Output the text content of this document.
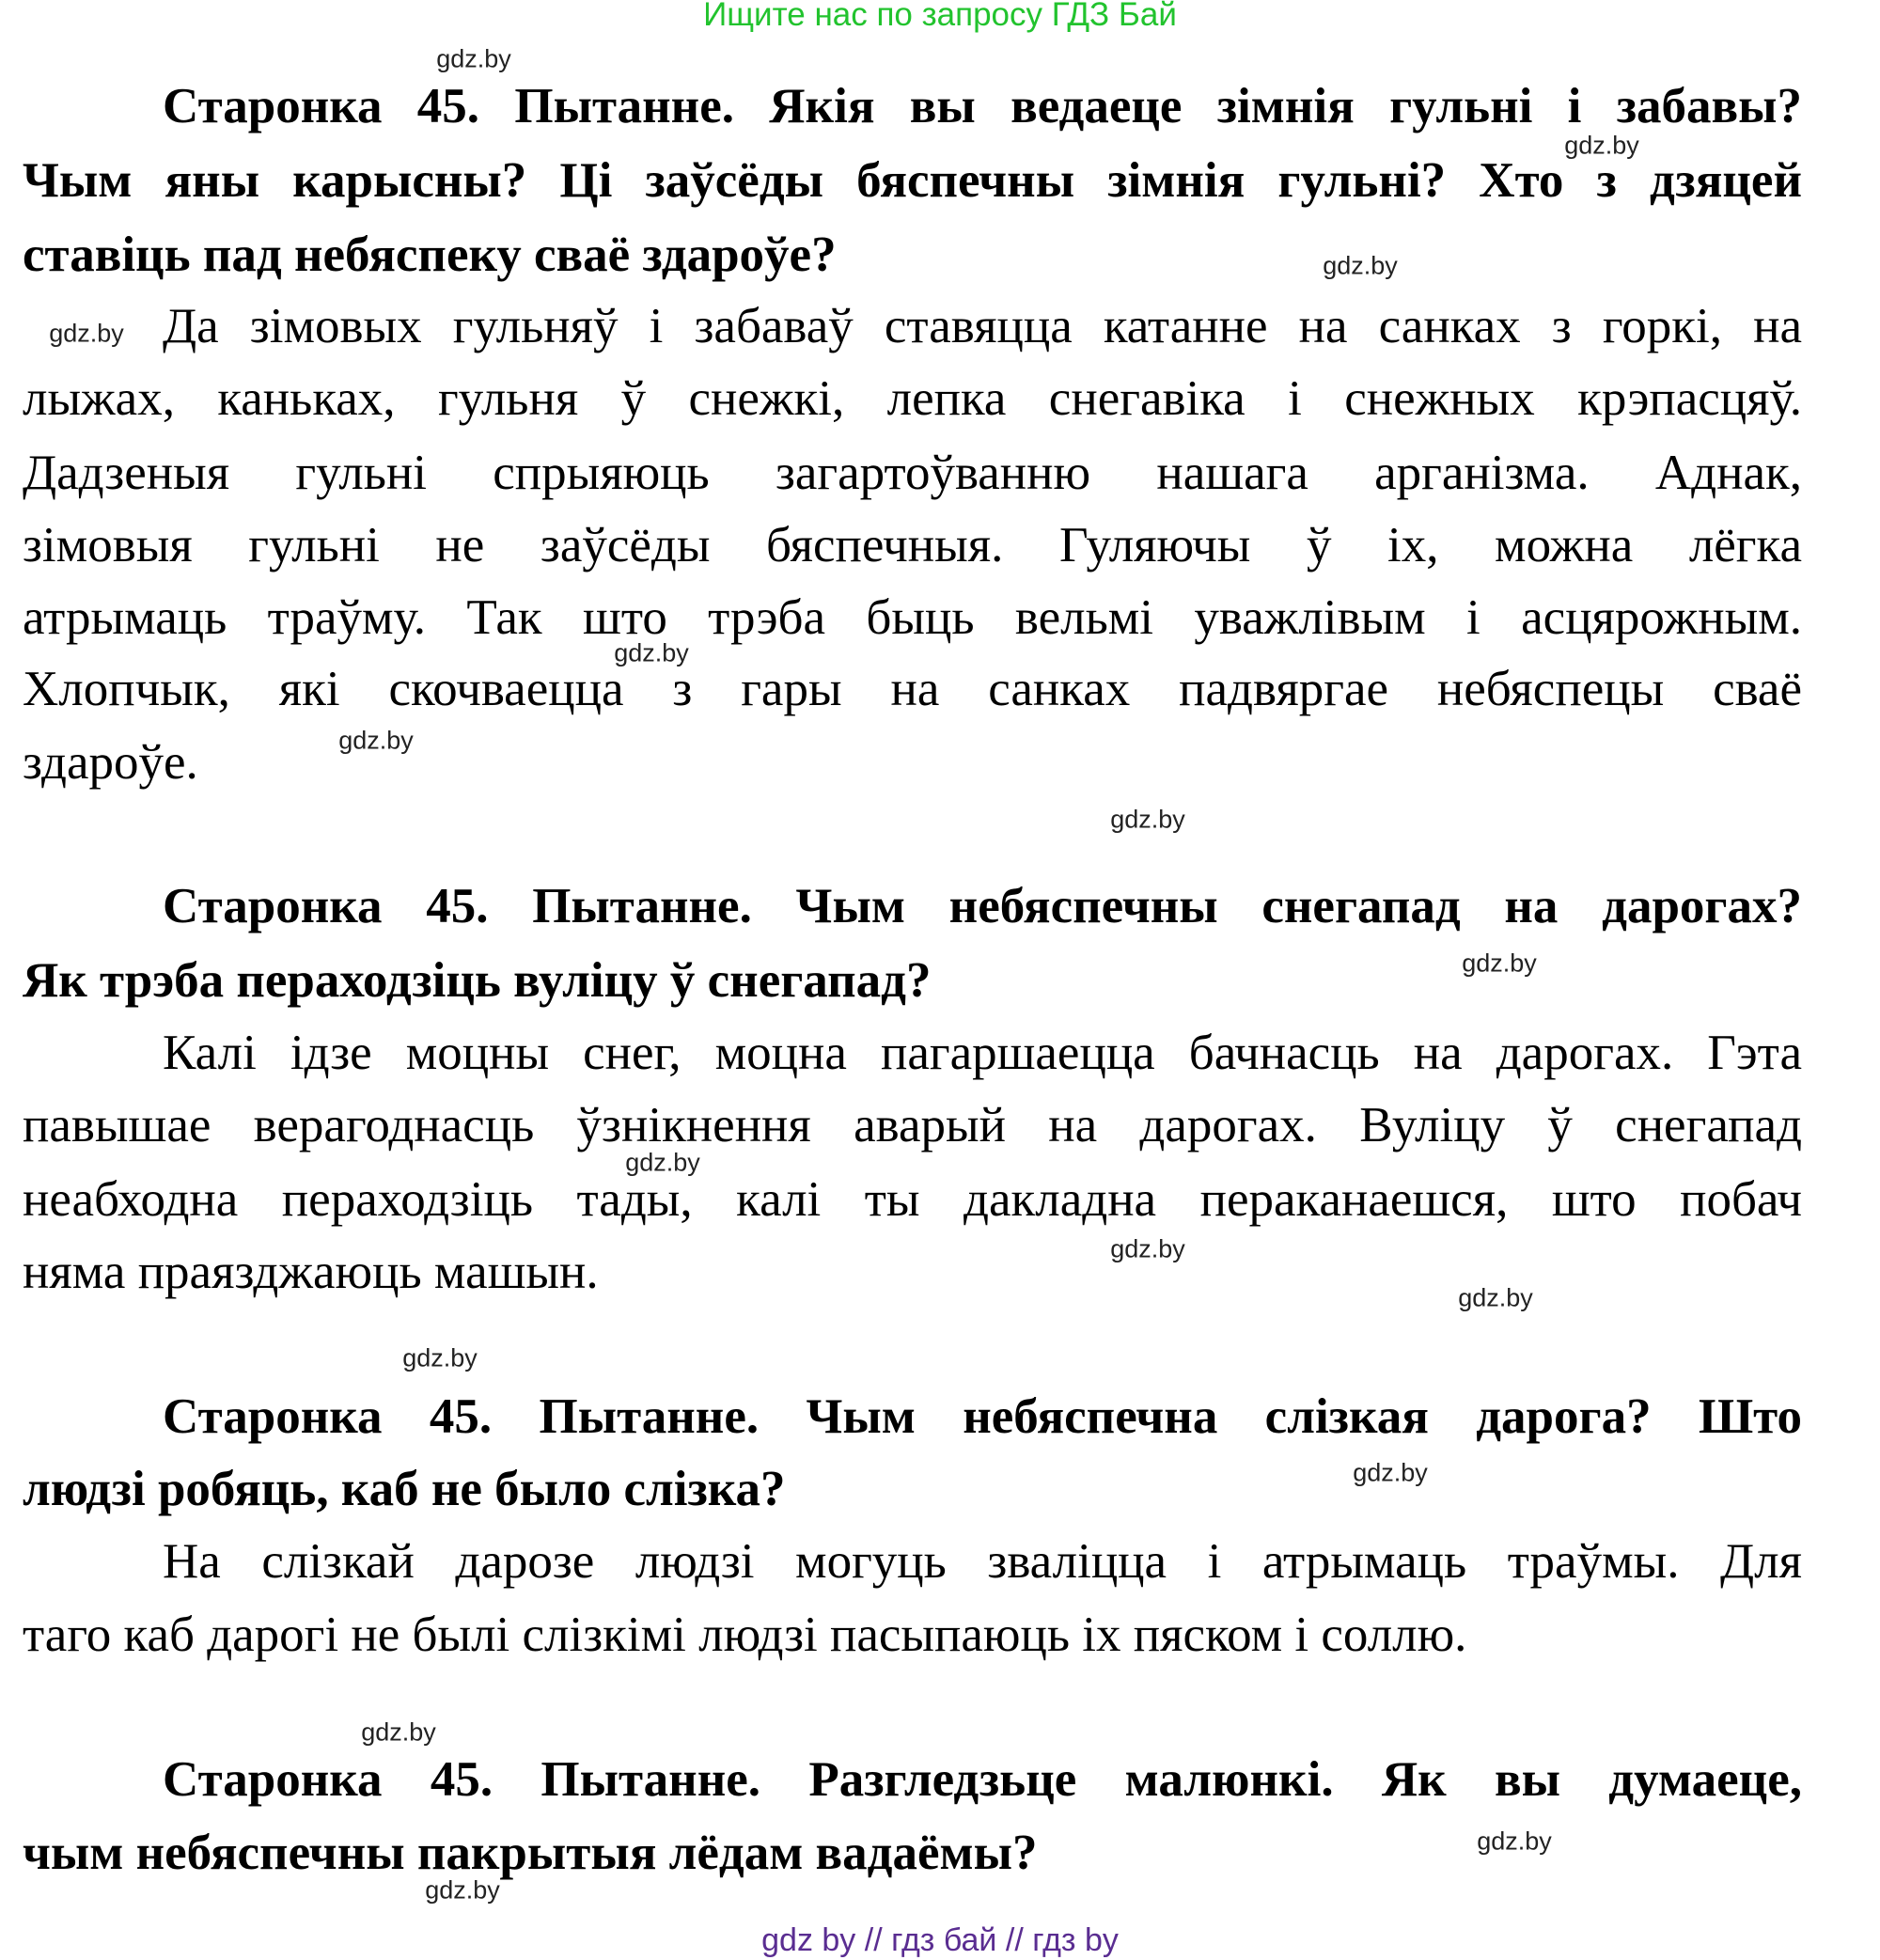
Ищите нас по запросу ГДЗ Бай
Старонка 45. Пытанне. Якія вы ведаеце зімнія гульні і забавы?
Чым яны карысны? Ці заўсёды бяспечны зімнія гульні? Хто з дзяцей
ставіць пад небяспеку сваё здароўе?
Да зімовых гульняў і забаваў ставяцца катанне на санках з горкі, на
лыжах, каньках, гульня ў снежкі, лепка снегавіка і снежных крэпасцяў.
Дадзеныя гульні спрыяюць загартоўванню нашага арганізма. Аднак,
зімовыя гульні не заўсёды бяспечныя. Гуляючы ў іх, можна лёгка
атрымаць траўму. Так што трэба быць вельмі уважлівым і асцярожным.
Хлопчык, які скочваецца з гары на санках падвяргае небяспецы сваё
здароўе.
Старонка 45. Пытанне. Чым небяспечны снегапад на дарогах?
Як трэба пераходзіць вуліцу ў снегапад?
Калі ідзе моцны снег, моцна пагаршаецца бачнасць на дарогах. Гэта
павышае верагоднасць ўзнікнення аварый на дарогах. Вуліцу ў снегапад
неабходна пераходзіць тады, калі ты дакладна пераканаешся, што побач
няма праязджаюць машын.
Старонка 45. Пытанне. Чым небяспечна слізкая дарога? Што
людзі робяць, каб не было слізка?
На слізкай дарозе людзі могуць зваліцца і атрымаць траўмы. Для
таго каб дарогі не былі слізкімі людзі пасыпаюць іх пяском і соллю.
Старонка 45. Пытанне. Разгледзьце малюнкі. Як вы думаеце,
чым небяспечны пакрытыя лёдам вадаёмы?
gdz.by
gdz.by
gdz.by
gdz.by
gdz.by
gdz.by
gdz.by
gdz.by
gdz.by
gdz.by
gdz.by
gdz.by
gdz.by
gdz.by
gdz.by
gdz.by
gdz by // гдз бай // гдз by
